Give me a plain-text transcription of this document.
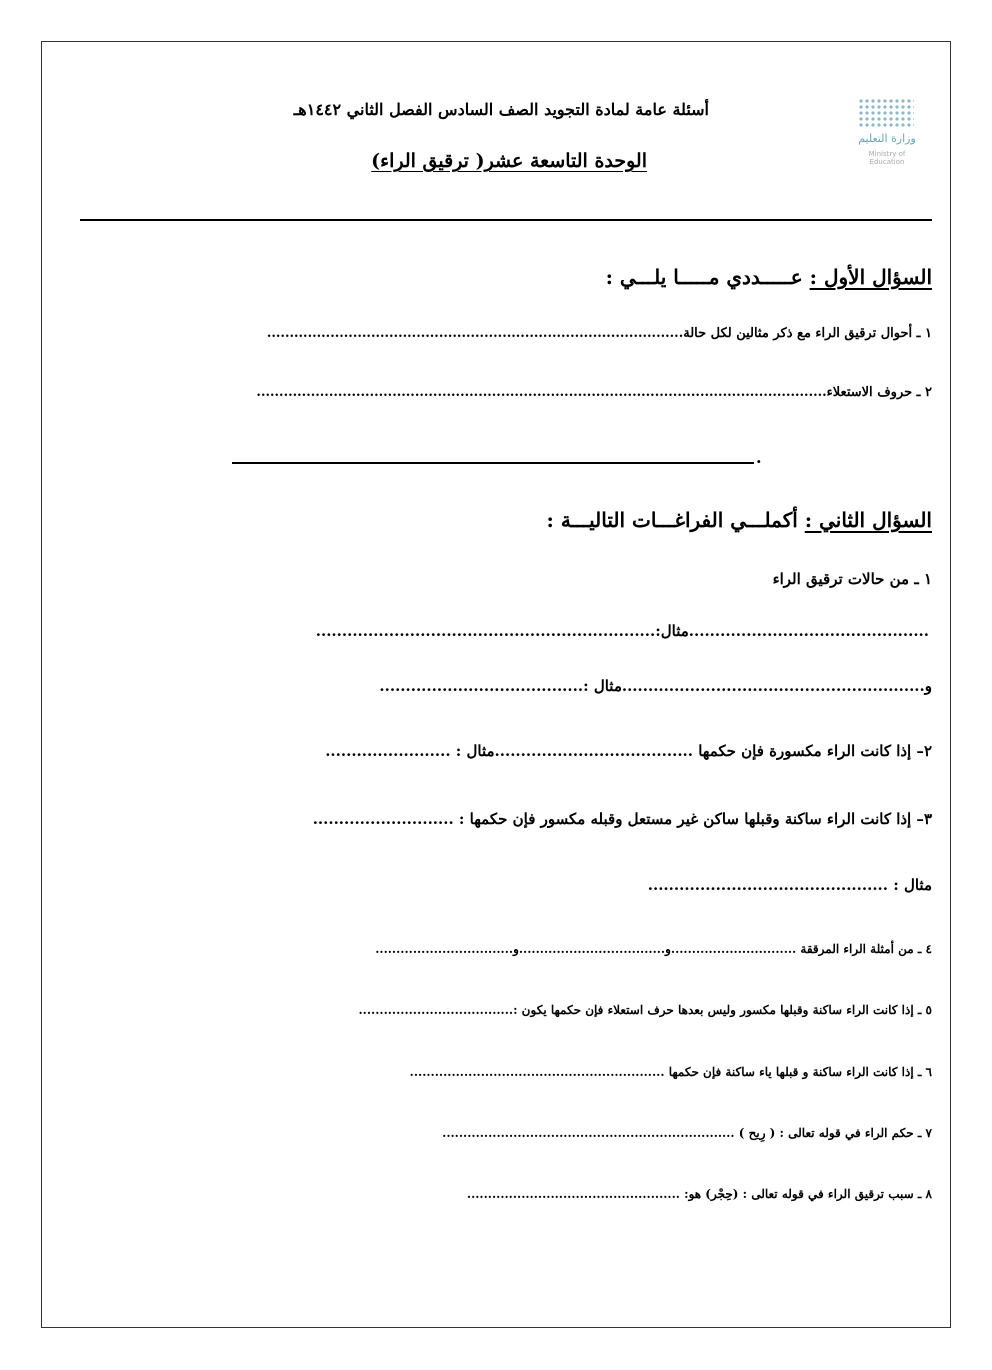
وزارة التعليم
Ministry of Education
أسئلة عامة لمادة التجويد الصف السادس الفصل الثاني ١٤٤٢هـ
الوحدة التاسعة عشر( ترقيق الراء)
السؤال الأول : عـــــددي مـــــا يلـــي :
١ ـ أحوال ترقيق الراء مع ذكر مثالين لكل حالة............................................................................................
٢ ـ حروف الاستعلاء..............................................................................................................................
.
السؤال الثاني : أكملـــي الفراغـــات التاليـــة :
١ ـ من حالات ترقيق الراء
..............................................مثال:.................................................................
و..........................................................مثال :.......................................
٢– إذا كانت الراء مكسورة فإن حكمها ......................................مثال : ........................
٣– إذا كانت الراء ساكنة وقبلها ساكن غير مستعل وقبله مكسور فإن حكمها : ...........................
مثال : ..............................................
٤ ـ من أمثلة الراء المرققة ..............................و...................................و.................................
٥ ـ إذا كانت الراء ساكنة وقبلها مكسور وليس بعدها حرف استعلاء فإن حكمها يكون :.....................................
٦ ـ إذا كانت الراء ساكنة و قبلها ياء ساكنة فإن حكمها .............................................................
٧ ـ حكم الراء في قوله تعالى : ( رِيح ) ......................................................................
٨ ـ سبب ترقيق الراء في قوله تعالى : (حِجْر) هو: ...................................................
